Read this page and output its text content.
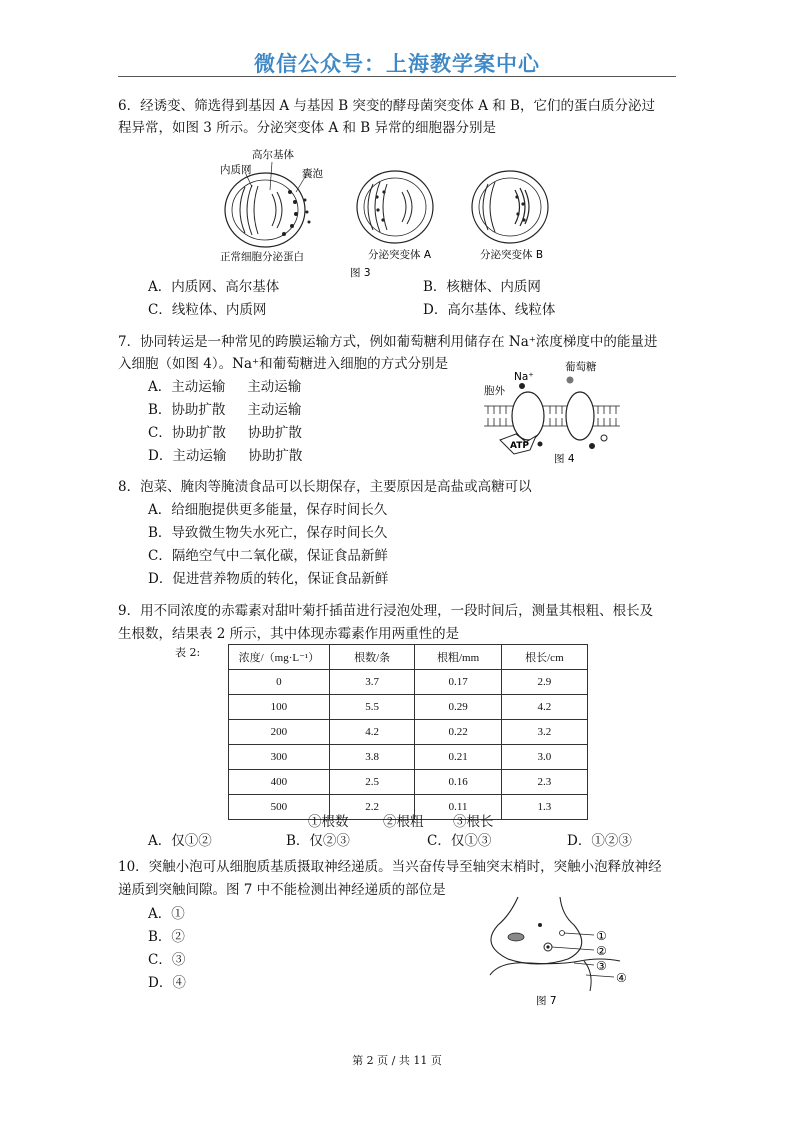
微信公众号：上海教学案中心
6．经诱变、筛选得到基因 A 与基因 B 突变的酵母菌突变体 A 和 B，它们的蛋白质分泌过
程异常，如图 3 所示。分泌突变体 A 和 B 异常的细胞器分别是
高尔基体
内质网	囊泡
正常细胞分泌蛋白	分泌突变体 A	分泌突变体 B
图 3
A．内质网、高尔基体	B．核糖体、内质网
C．线粒体、内质网	D．高尔基体、线粒体
7．协同转运是一种常见的跨膜运输方式，例如葡萄糖利用储存在 Na⁺浓度梯度中的能量进
入细胞（如图 4）。Na⁺和葡萄糖进入细胞的方式分别是
A．主动运输 主动运输
B．协助扩散 主动运输
C．协助扩散 协助扩散
D．主动运输 协助扩散
葡萄糖
Na⁺
胞外
ATP
图 4
8．泡菜、腌肉等腌渍食品可以长期保存，主要原因是高盐或高糖可以
A．给细胞提供更多能量，保存时间长久
B．导致微生物失水死亡，保存时间长久
C．隔绝空气中二氧化碳，保证食品新鲜
D．促进营养物质的转化，保证食品新鲜
9．用不同浓度的赤霉素对甜叶菊扦插苗进行浸泡处理，一段时间后，测量其根粗、根长及
生根数，结果表 2 所示，其中体现赤霉素作用两重性的是
表 2:	浓度/（mg·L⁻¹）	根数/条	根粗/mm	根长/cm
0	3.7	0.17	2.9
100	5.5	0.29	4.2
200	4.2	0.22	3.2
300	3.8	0.21	3.0
400	2.5	0.16	2.3
500	2.2	0.11	1.3
①根数	②根粗 ③根长
A．仅①②	B．仅②③	C．仅①③	D．①②③
10．突触小泡可从细胞质基质摄取神经递质。当兴奋传导至轴突末梢时，突触小泡释放神经
递质到突触间隙。图 7 中不能检测出神经递质的部位是
A．①
B．②
C．③
D．④
①
②
③
④
图 7
第 2 页 / 共 11 页
